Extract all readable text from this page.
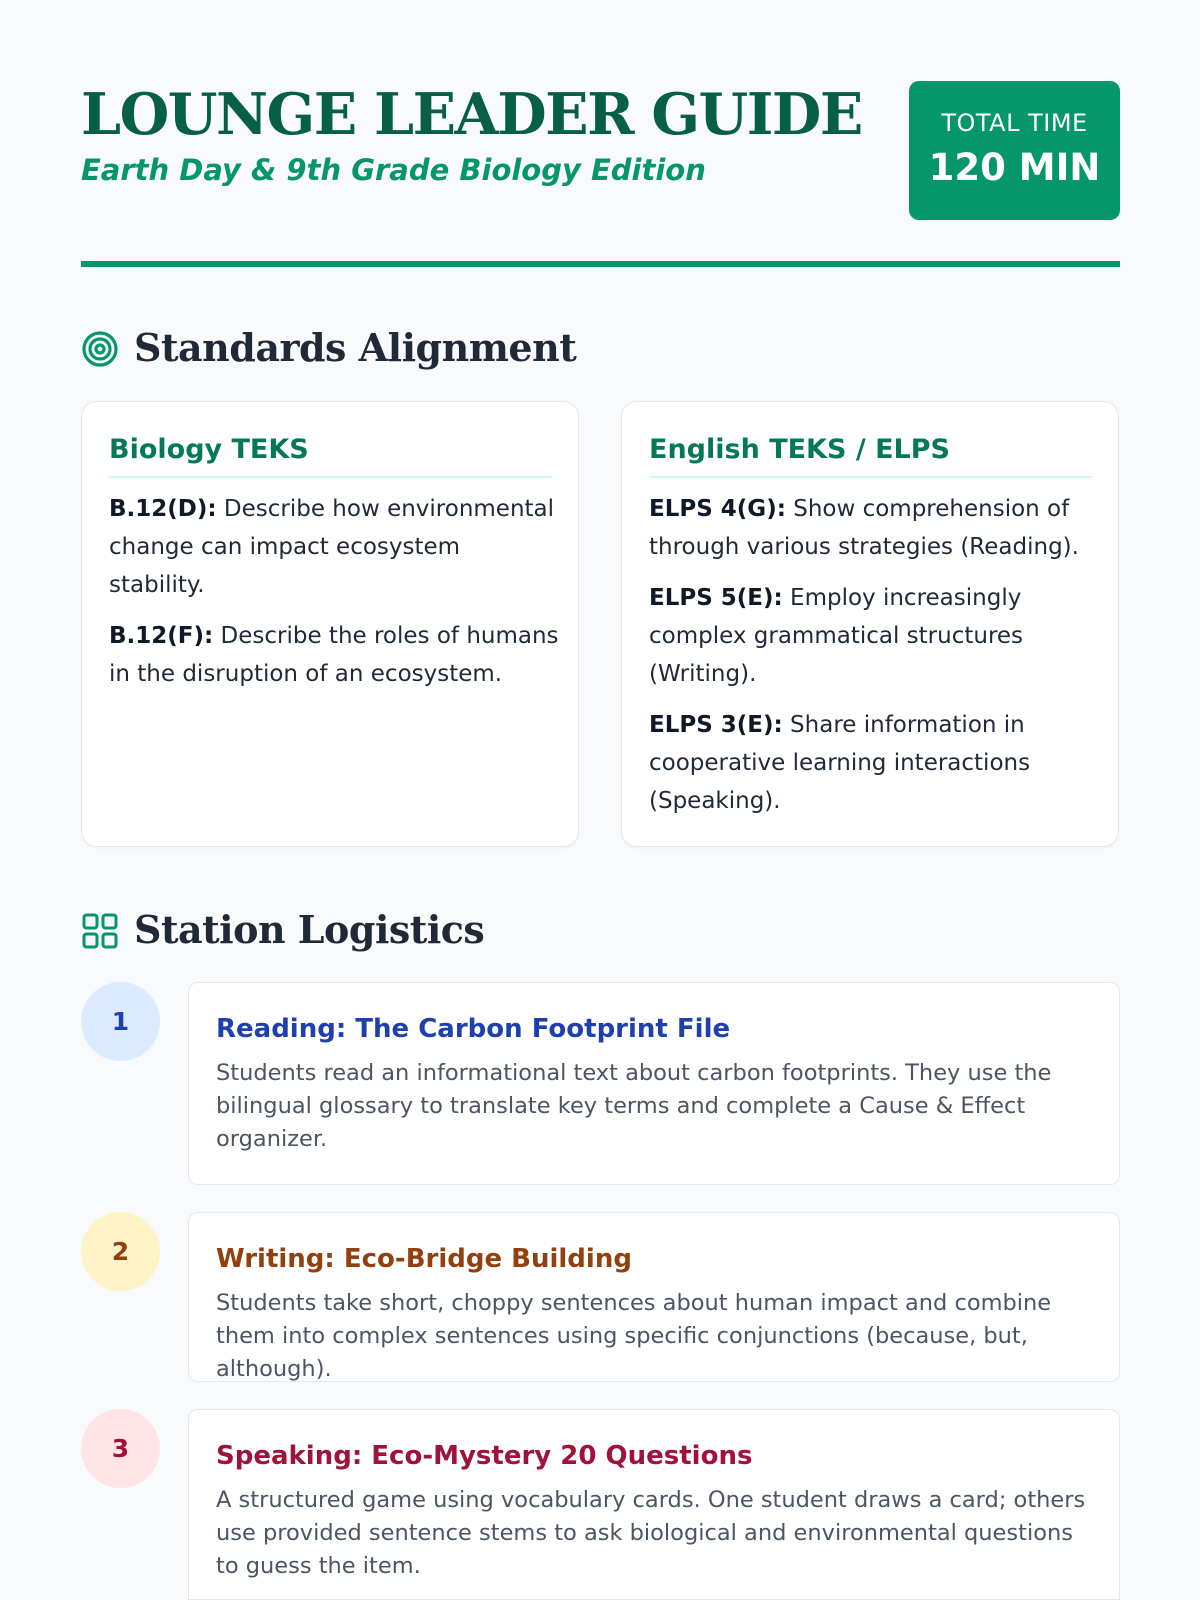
LOUNGE LEADER GUIDE
Earth Day & 9th Grade Biology Edition
TOTAL TIME
120 MIN
Standards Alignment
Biology TEKS
B.12(D): Describe how environmental change can impact ecosystem stability.
B.12(F): Describe the roles of humans in the disruption of an ecosystem.
English TEKS / ELPS
ELPS 4(G): Show comprehension of through various strategies (Reading).
ELPS 5(E): Employ increasingly complex grammatical structures (Writing).
ELPS 3(E): Share information in cooperative learning interactions (Speaking).
Station Logistics
1	Reading: The Carbon Footprint File

Students read an informational text about carbon footprints. They use the bilingual glossary to translate key terms and complete a Cause & Effect organizer.

2	Writing: Eco-Bridge Building

Students take short, choppy sentences about human impact and combine them into complex sentences using specific conjunctions (because, but, although).

3	Speaking: Eco-Mystery 20 Questions

A structured game using vocabulary cards. One student draws a card; others use provided sentence stems to ask biological and environmental questions to guess the item.
